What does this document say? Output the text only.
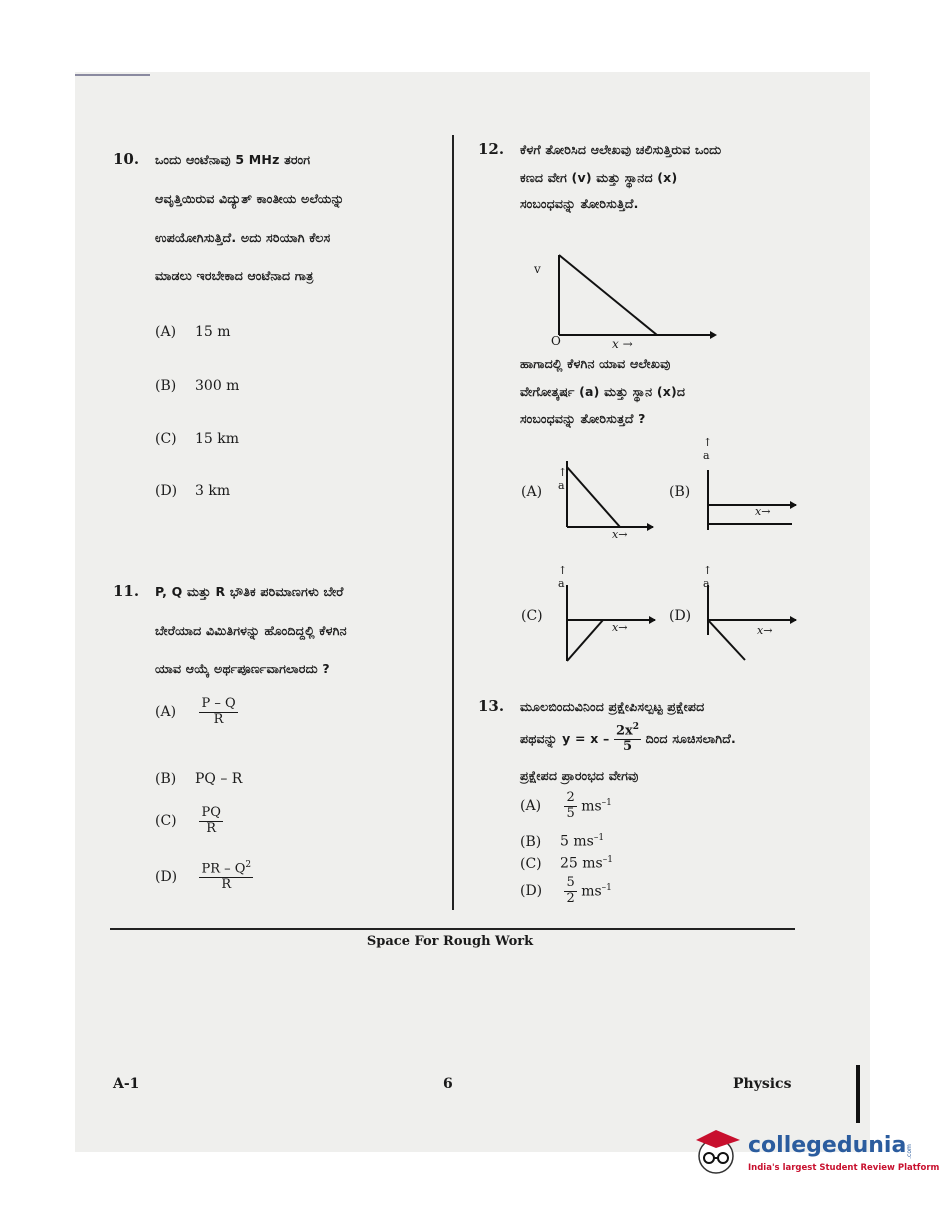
10. ಒಂದು ಆಂಟೆನಾವು 5 MHz ತರಂಗ
ಆವೃತ್ತಿಯಿರುವ ವಿದ್ಯುತ್ ಕಾಂತೀಯ ಅಲೆಯನ್ನು
ಉಪಯೋಗಿಸುತ್ತಿದೆ. ಅದು ಸರಿಯಾಗಿ ಕೆಲಸ
ಮಾಡಲು ಇರಬೇಕಾದ ಆಂಟೆನಾದ ಗಾತ್ರ
(A) 15 m
(B) 300 m
(C) 15 km
(D) 3 km
11. P, Q ಮತ್ತು R ಭೌತಿಕ ಪರಿಮಾಣಗಳು ಬೇರೆ
ಬೇರೆಯಾದ ವಿಮಿತಿಗಳನ್ನು ಹೊಂದಿದ್ದಲ್ಲಿ ಕೆಳಗಿನ
ಯಾವ ಆಯ್ಕೆ ಅರ್ಥಪೂರ್ಣವಾಗಲಾರದು ?
$(A) \frac{P - Q}{R}$
(B) PQ – R
$(C) \frac{PQ}{R}$
$(D) \frac{PR - Q^2}{R}$
12. ಕೆಳಗೆ ತೋರಿಸಿದ ಆಲೇಖವು ಚಲಿಸುತ್ತಿರುವ ಒಂದು
ಕಣದ ವೇಗ (v) ಮತ್ತು ಸ್ಥಾನದ (x)
ಸಂಬಂಧವನ್ನು ತೋರಿಸುತ್ತಿದೆ.
v
O	x →
ಹಾಗಾದಲ್ಲಿ ಕೆಳಗಿನ ಯಾವ ಆಲೇಖವು
ವೇಗೋತ್ಕರ್ಷ (a) ಮತ್ತು ಸ್ಥಾನ (x)ದ
ಸಂಬಂಧವನ್ನು ತೋರಿಸುತ್ತದೆ ?
(A)
↑
a
x→
(B)
↑
a
x→
(C)
↑
a
x→
(D)
↑
a
x→
13. ಮೂಲಬಿಂದುವಿನಿಂದ ಪ್ರಕ್ಷೇಪಿಸಲ್ಪಟ್ಟ ಪ್ರಕ್ಷೇಪದ
ಪಥವನ್ನು $y = x - \frac{2x^2}{5}$ ದಿಂದ ಸೂಚಿಸಲಾಗಿದೆ.
ಪ್ರಕ್ಷೇಪದ ಪ್ರಾರಂಭದ ವೇಗವು
$(A) \frac{2}{5} ms^{-1}$
(B) 5 $ms^{-1}$
(C) 25 $ms^{-1}$
$(D) \frac{5}{2} ms^{-1}$
Space For Rough Work
A-1	6	Physics
collegedunia
India's largest Student Review Platform
.com
